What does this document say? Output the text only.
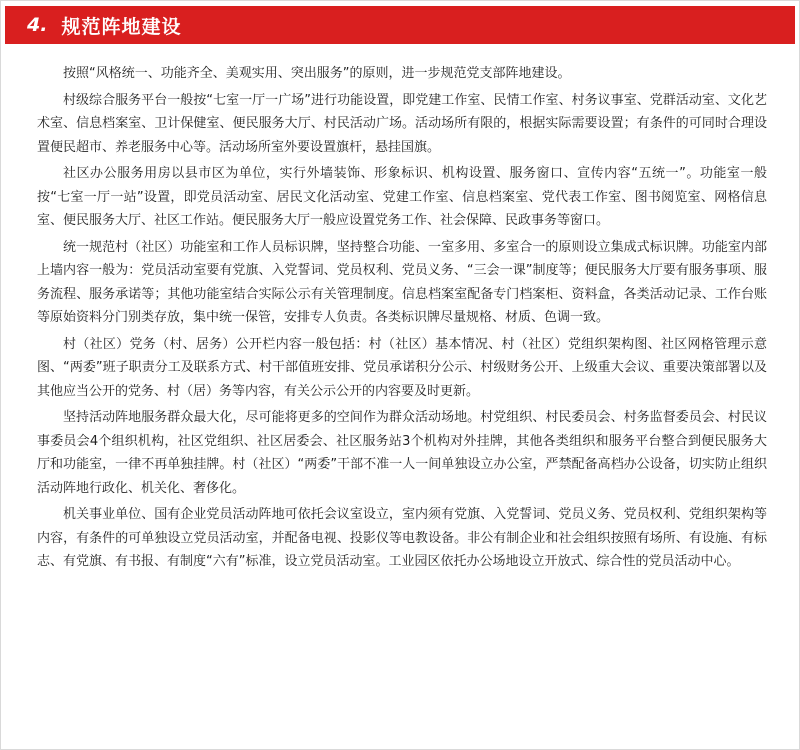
4. 规范阵地建设

按照“风格统一、功能齐全、美观实用、突出服务”的原则，进一步规范党支部阵地建设。

村级综合服务平台一般按“七室一厅一广场”进行功能设置，即党建工作室、民情工作室、村务议事室、党群活动室、文化艺术室、信息档案室、卫计保健室、便民服务大厅、村民活动广场。活动场所有限的，根据实际需要设置；有条件的可同时合理设置便民超市、养老服务中心等。活动场所室外要设置旗杆，悬挂国旗。

社区办公服务用房以县市区为单位，实行外墙装饰、形象标识、机构设置、服务窗口、宣传内容“五统一”。功能室一般按“七室一厅一站”设置，即党员活动室、居民文化活动室、党建工作室、信息档案室、党代表工作室、图书阅览室、网格信息室、便民服务大厅、社区工作站。便民服务大厅一般应设置党务工作、社会保障、民政事务等窗口。

统一规范村（社区）功能室和工作人员标识牌，坚持整合功能、一室多用、多室合一的原则设立集成式标识牌。功能室内部上墙内容一般为：党员活动室要有党旗、入党誓词、党员权利、党员义务、“三会一课”制度等；便民服务大厅要有服务事项、服务流程、服务承诺等；其他功能室结合实际公示有关管理制度。信息档案室配备专门档案柜、资料盒，各类活动记录、工作台账等原始资料分门别类存放，集中统一保管，安排专人负责。各类标识牌尽量规格、材质、色调一致。

村（社区）党务（村、居务）公开栏内容一般包括：村（社区）基本情况、村（社区）党组织架构图、社区网格管理示意图、“两委”班子职责分工及联系方式、村干部值班安排、党员承诺积分公示、村级财务公开、上级重大会议、重要决策部署以及其他应当公开的党务、村（居）务等内容，有关公示公开的内容要及时更新。

坚持活动阵地服务群众最大化，尽可能将更多的空间作为群众活动场地。村党组织、村民委员会、村务监督委员会、村民议事委员会4个组织机构，社区党组织、社区居委会、社区服务站3个机构对外挂牌，其他各类组织和服务平台整合到便民服务大厅和功能室，一律不再单独挂牌。村（社区）“两委”干部不准一人一间单独设立办公室，严禁配备高档办公设备，切实防止组织活动阵地行政化、机关化、奢侈化。

机关事业单位、国有企业党员活动阵地可依托会议室设立，室内须有党旗、入党誓词、党员义务、党员权利、党组织架构等内容，有条件的可单独设立党员活动室，并配备电视、投影仪等电教设备。非公有制企业和社会组织按照有场所、有设施、有标志、有党旗、有书报、有制度“六有”标准，设立党员活动室。工业园区依托办公场地设立开放式、综合性的党员活动中心。
